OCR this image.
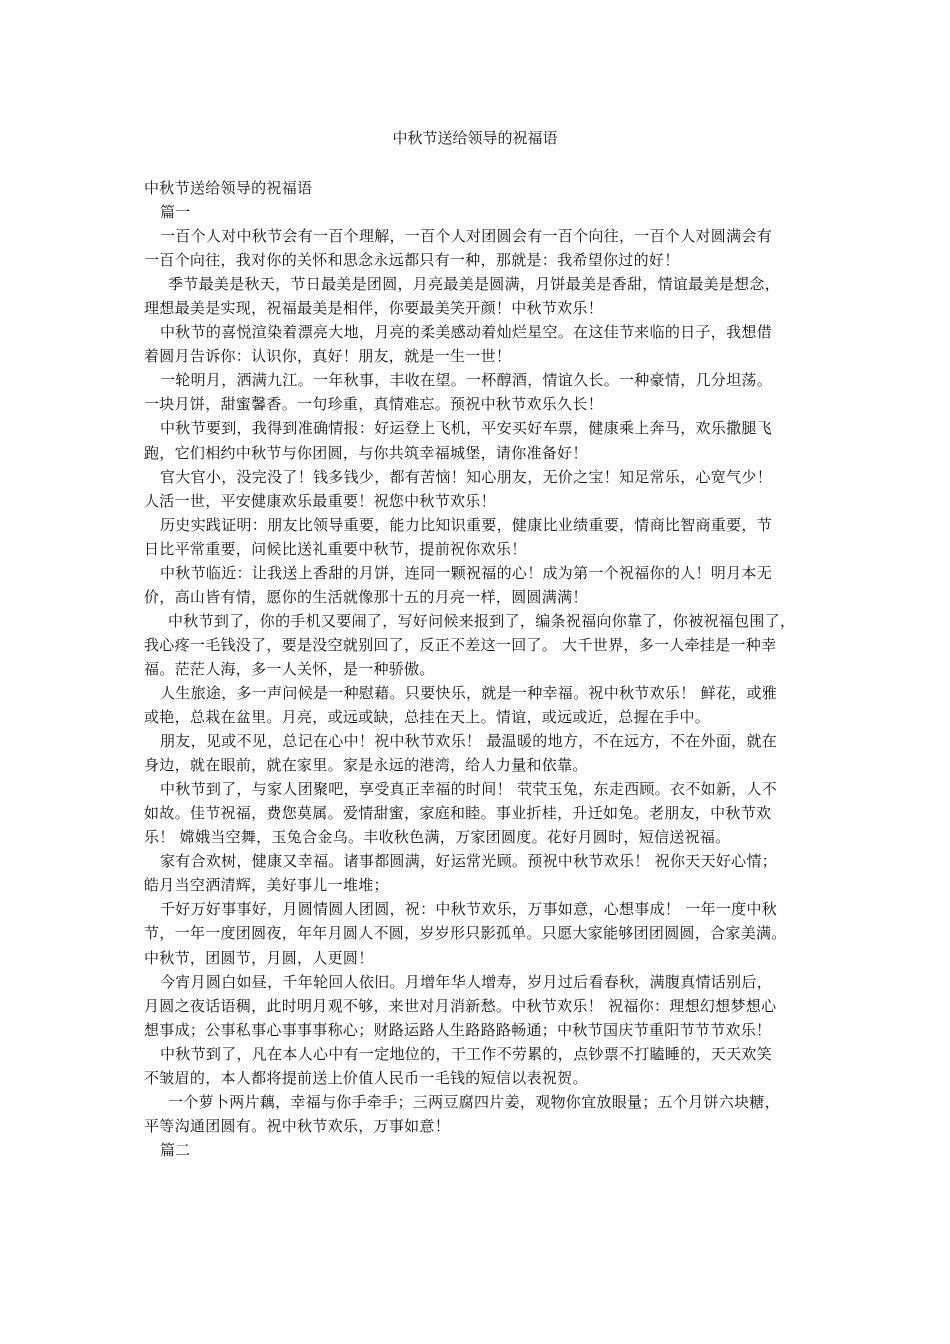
中秋节送给领导的祝福语
中秋节送给领导的祝福语
篇一
一百个人对中秋节会有一百个理解，一百个人对团圆会有一百个向往，一百个人对圆满会有
一百个向往，我对你的关怀和思念永远都只有一种，那就是：我希望你过的好！
季节最美是秋天，节日最美是团圆，月亮最美是圆满，月饼最美是香甜，情谊最美是想念，
理想最美是实现，祝福最美是相伴，你要最美笑开颜！中秋节欢乐！
中秋节的喜悦渲染着漂亮大地，月亮的柔美感动着灿烂星空。在这佳节来临的日子，我想借
着圆月告诉你：认识你，真好！朋友，就是一生一世！
一轮明月，洒满九江。一年秋事，丰收在望。一杯醇酒，情谊久长。一种豪情，几分坦荡。
一块月饼，甜蜜馨香。一句珍重，真情难忘。预祝中秋节欢乐久长！
中秋节要到，我得到准确情报：好运登上飞机，平安买好车票，健康乘上奔马，欢乐撒腿飞
跑，它们相约中秋节与你团圆，与你共筑幸福城堡，请你准备好！
官大官小，没完没了！钱多钱少，都有苦恼！知心朋友，无价之宝！知足常乐，心宽气少！
人活一世，平安健康欢乐最重要！祝您中秋节欢乐！
历史实践证明：朋友比领导重要，能力比知识重要，健康比业绩重要，情商比智商重要，节
日比平常重要，问候比送礼重要中秋节，提前祝你欢乐！
中秋节临近：让我送上香甜的月饼，连同一颗祝福的心！成为第一个祝福你的人！明月本无
价，高山皆有情，愿你的生活就像那十五的月亮一样，圆圆满满！
中秋节到了，你的手机又要闹了，写好问候来报到了，编条祝福向你靠了，你被祝福包围了，
我心疼一毛钱没了，要是没空就别回了，反正不差这一回了。 大千世界，多一人牵挂是一种幸
福。茫茫人海，多一人关怀，是一种骄傲。
人生旅途，多一声问候是一种慰藉。只要快乐，就是一种幸福。祝中秋节欢乐！ 鲜花，或雅
或艳，总栽在盆里。月亮，或远或缺，总挂在天上。情谊，或远或近，总握在手中。
朋友，见或不见，总记在心中！祝中秋节欢乐！ 最温暖的地方，不在远方，不在外面，就在
身边，就在眼前，就在家里。家是永远的港湾，给人力量和依靠。
中秋节到了，与家人团聚吧，享受真正幸福的时间！ 茕茕玉兔，东走西顾。衣不如新，人不
如故。佳节祝福，费您莫属。爱情甜蜜，家庭和睦。事业折桂，升迁如兔。老朋友，中秋节欢
乐！ 嫦娥当空舞，玉兔合金乌。丰收秋色满，万家团圆度。花好月圆时，短信送祝福。
家有合欢树，健康又幸福。诸事都圆满，好运常光顾。预祝中秋节欢乐！ 祝你天天好心情；
皓月当空洒清辉，美好事儿一堆堆；
千好万好事事好，月圆情圆人团圆，祝：中秋节欢乐，万事如意，心想事成！ 一年一度中秋
节，一年一度团圆夜，年年月圆人不圆，岁岁形只影孤单。只愿大家能够团团圆圆，合家美满。
中秋节，团圆节，月圆，人更圆！
今宵月圆白如昼，千年轮回人依旧。月增年华人增寿，岁月过后看春秋，满腹真情话别后，
月圆之夜话语稠，此时明月观不够，来世对月消新愁。中秋节欢乐！ 祝福你：理想幻想梦想心
想事成；公事私事心事事事称心；财路运路人生路路路畅通；中秋节国庆节重阳节节节欢乐！
中秋节到了，凡在本人心中有一定地位的，干工作不劳累的，点钞票不打瞌睡的，天天欢笑
不皱眉的，本人都将提前送上价值人民币一毛钱的短信以表祝贺。
一个萝卜两片藕，幸福与你手牵手；三两豆腐四片姜，观物你宜放眼量；五个月饼六块糖，
平等沟通团圆有。祝中秋节欢乐，万事如意！
篇二
